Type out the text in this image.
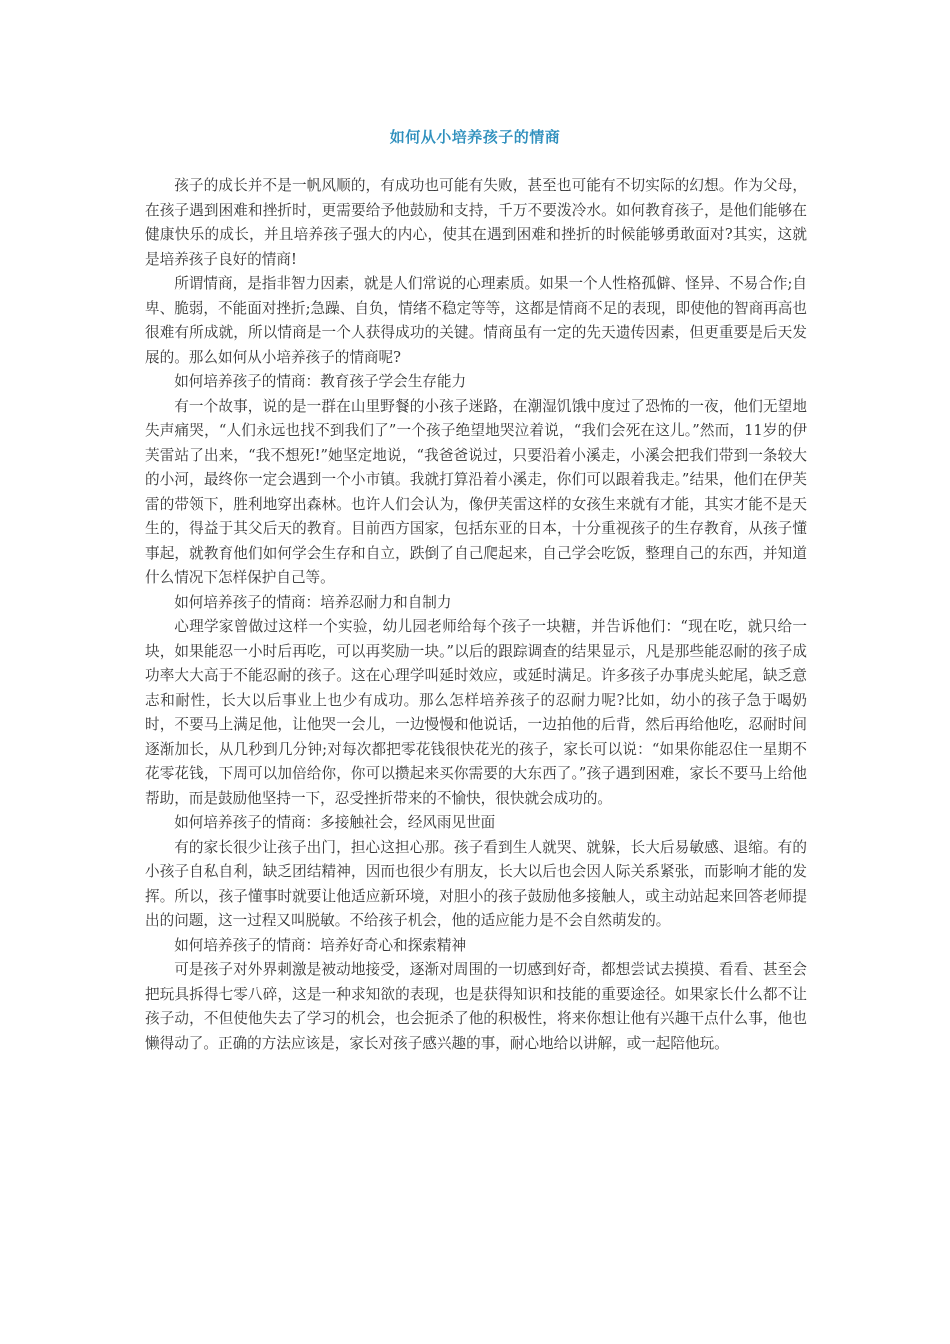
如何从小培养孩子的情商

孩子的成长并不是一帆风顺的，有成功也可能有失败，甚至也可能有不切实际的幻想。作为父母，在孩子遇到困难和挫折时，更需要给予他鼓励和支持，千万不要泼冷水。如何教育孩子，是他们能够在健康快乐的成长，并且培养孩子强大的内心，使其在遇到困难和挫折的时候能够勇敢面对?其实，这就是培养孩子良好的情商!

所谓情商，是指非智力因素，就是人们常说的心理素质。如果一个人性格孤僻、怪异、不易合作;自卑、脆弱，不能面对挫折;急躁、自负，情绪不稳定等等，这都是情商不足的表现，即使他的智商再高也很难有所成就，所以情商是一个人获得成功的关键。情商虽有一定的先天遗传因素，但更重要是后天发展的。那么如何从小培养孩子的情商呢?

如何培养孩子的情商：教育孩子学会生存能力

有一个故事，说的是一群在山里野餐的小孩子迷路，在潮湿饥饿中度过了恐怖的一夜，他们无望地失声痛哭，“人们永远也找不到我们了”一个孩子绝望地哭泣着说，“我们会死在这儿。”然而，11岁的伊芙雷站了出来，“我不想死!”她坚定地说，“我爸爸说过，只要沿着小溪走，小溪会把我们带到一条较大的小河，最终你一定会遇到一个小市镇。我就打算沿着小溪走，你们可以跟着我走。”结果，他们在伊芙雷的带领下，胜利地穿出森林。也许人们会认为，像伊芙雷这样的女孩生来就有才能，其实才能不是天生的，得益于其父后天的教育。目前西方国家，包括东亚的日本，十分重视孩子的生存教育，从孩子懂事起，就教育他们如何学会生存和自立，跌倒了自己爬起来，自己学会吃饭，整理自己的东西，并知道什么情况下怎样保护自己等。

如何培养孩子的情商：培养忍耐力和自制力

心理学家曾做过这样一个实验，幼儿园老师给每个孩子一块糖，并告诉他们：“现在吃，就只给一块，如果能忍一小时后再吃，可以再奖励一块。”以后的跟踪调查的结果显示，凡是那些能忍耐的孩子成功率大大高于不能忍耐的孩子。这在心理学叫延时效应，或延时满足。许多孩子办事虎头蛇尾，缺乏意志和耐性，长大以后事业上也少有成功。那么怎样培养孩子的忍耐力呢?比如，幼小的孩子急于喝奶时，不要马上满足他，让他哭一会儿，一边慢慢和他说话，一边拍他的后背，然后再给他吃，忍耐时间逐渐加长，从几秒到几分钟;对每次都把零花钱很快花光的孩子，家长可以说：“如果你能忍住一星期不花零花钱，下周可以加倍给你，你可以攒起来买你需要的大东西了。”孩子遇到困难，家长不要马上给他帮助，而是鼓励他坚持一下，忍受挫折带来的不愉快，很快就会成功的。

如何培养孩子的情商：多接触社会，经风雨见世面

有的家长很少让孩子出门，担心这担心那。孩子看到生人就哭、就躲，长大后易敏感、退缩。有的小孩子自私自利，缺乏团结精神，因而也很少有朋友，长大以后也会因人际关系紧张，而影响才能的发挥。所以，孩子懂事时就要让他适应新环境，对胆小的孩子鼓励他多接触人，或主动站起来回答老师提出的问题，这一过程又叫脱敏。不给孩子机会，他的适应能力是不会自然萌发的。

如何培养孩子的情商：培养好奇心和探索精神

可是孩子对外界刺激是被动地接受，逐渐对周围的一切感到好奇，都想尝试去摸摸、看看、甚至会把玩具拆得七零八碎，这是一种求知欲的表现，也是获得知识和技能的重要途径。如果家长什么都不让孩子动，不但使他失去了学习的机会，也会扼杀了他的积极性，将来你想让他有兴趣干点什么事，他也懒得动了。正确的方法应该是，家长对孩子感兴趣的事，耐心地给以讲解，或一起陪他玩。
